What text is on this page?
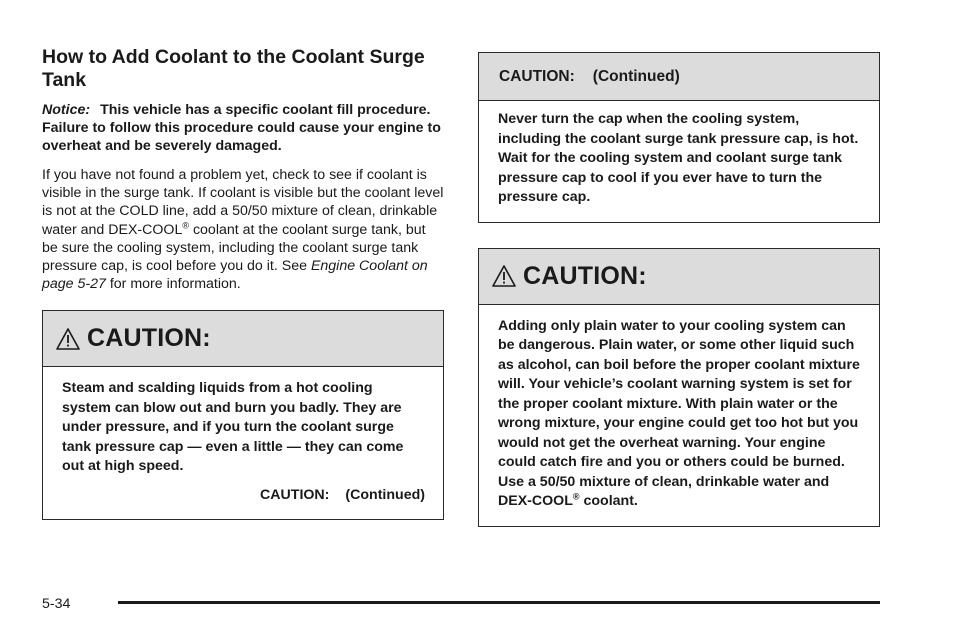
How to Add Coolant to the Coolant Surge Tank

Notice: This vehicle has a specific coolant fill procedure. Failure to follow this procedure could cause your engine to overheat and be severely damaged.

If you have not found a problem yet, check to see if coolant is visible in the surge tank. If coolant is visible but the coolant level is not at the COLD line, add a 50/50 mixture of clean, drinkable water and DEX-COOL® coolant at the coolant surge tank, but be sure the cooling system, including the coolant surge tank pressure cap, is cool before you do it. See Engine Coolant on page 5-27 for more information.

CAUTION:
Steam and scalding liquids from a hot cooling system can blow out and burn you badly. They are under pressure, and if you turn the coolant surge tank pressure cap — even a little — they can come out at high speed.
CAUTION: (Continued)
CAUTION: (Continued)
Never turn the cap when the cooling system, including the coolant surge tank pressure cap, is hot. Wait for the cooling system and coolant surge tank pressure cap to cool if you ever have to turn the pressure cap.
CAUTION:
Adding only plain water to your cooling system can be dangerous. Plain water, or some other liquid such as alcohol, can boil before the proper coolant mixture will. Your vehicle’s coolant warning system is set for the proper coolant mixture. With plain water or the wrong mixture, your engine could get too hot but you would not get the overheat warning. Your engine could catch fire and you or others could be burned. Use a 50/50 mixture of clean, drinkable water and DEX-COOL® coolant.
5-34
